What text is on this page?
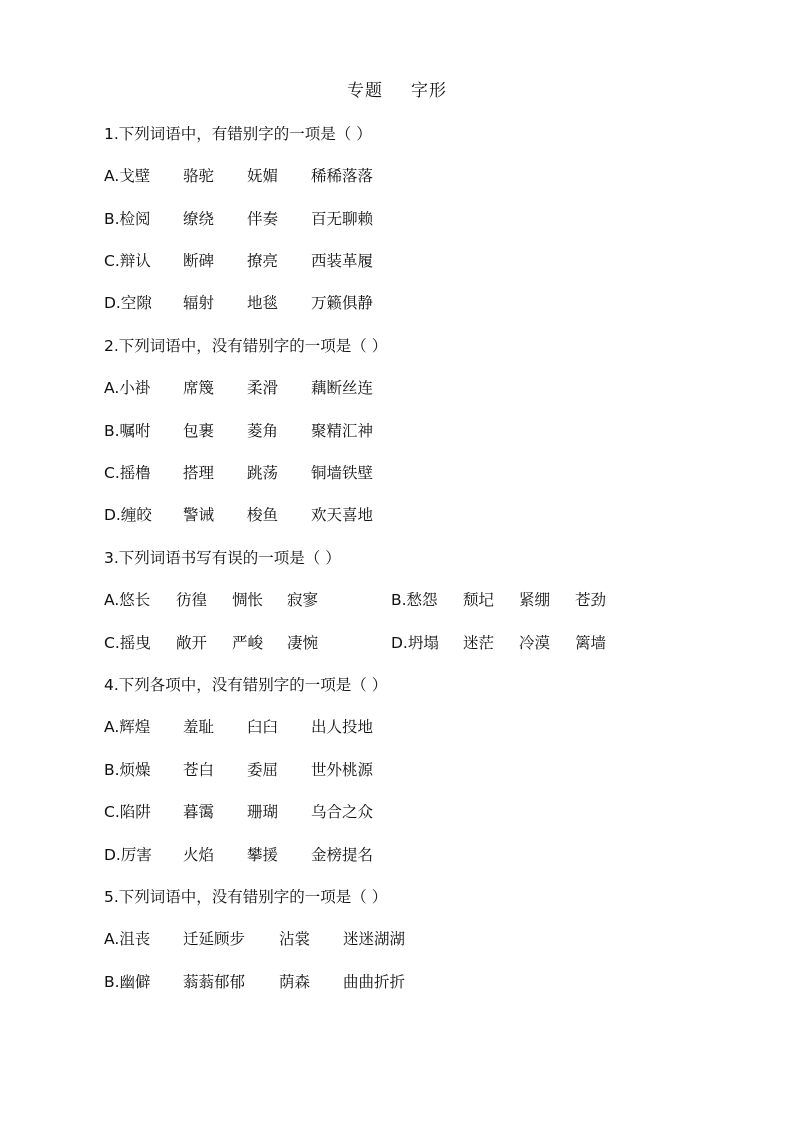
专题 字形
1.下列词语中，有错别字的一项是（ ）
A.戈壁 骆驼 妩媚 稀稀落落
B.检阅 缭绕 伴奏 百无聊赖
C.辩认 断碑 撩亮 西装革履
D.空隙 辐射 地毯 万籁俱静
2.下列词语中，没有错别字的一项是（ ）
A.小褂 席篾 柔滑 藕断丝连
B.嘱咐 包裹 菱角 聚精汇神
C.摇橹 搭理 跳荡 铜墙铁壁
D.缠皎 警诫 梭鱼 欢天喜地
3.下列词语书写有误的一项是（ ）
A.悠长 彷徨 惆怅 寂寥	B.愁怨 颓圮 紧绷 苍劲
C.摇曳 敞开 严峻 凄惋	D.坍塌 迷茫 冷漠 篱墙
4.下列各项中，没有错别字的一项是（ ）
A.辉煌 羞耻 臼臼 出人投地
B.烦燥 苍白 委屈 世外桃源
C.陷阱 暮霭 珊瑚 乌合之众
D.厉害 火焰 攀援 金榜提名
5.下列词语中，没有错别字的一项是（ ）
A.沮丧 迁延顾步 沾裳 迷迷湖湖
B.幽僻 蓊蓊郁郁 荫森 曲曲折折
